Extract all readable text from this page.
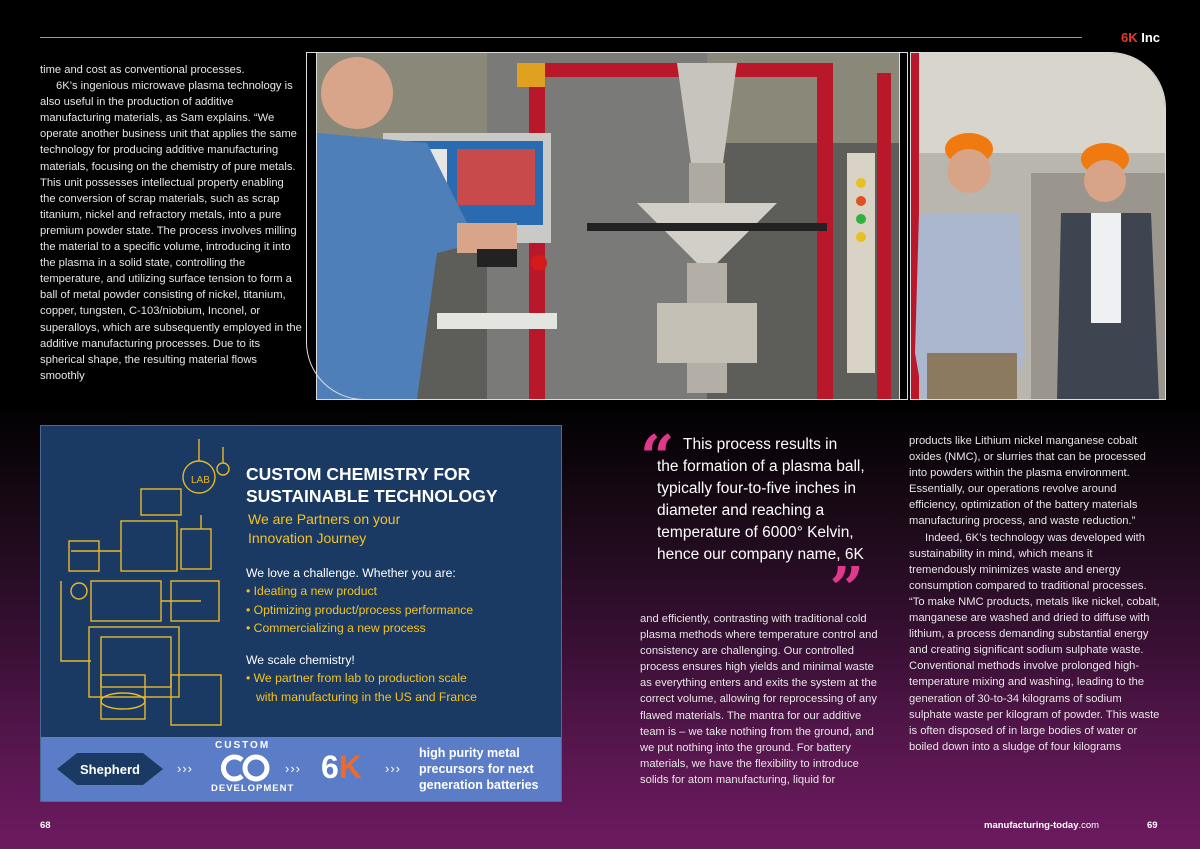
6K Inc

time and cost as conventional processes.

6K’s ingenious microwave plasma technology is also useful in the production of additive manufacturing materials, as Sam explains. “We operate another business unit that applies the same technology for producing additive manufacturing materials, focusing on the chemistry of pure metals. This unit possesses intellectual property enabling the conversion of scrap materials, such as scrap titanium, nickel and refractory metals, into a pure premium powder state. The process involves milling the material to a specific volume, introducing it into the plasma in a solid state, controlling the temperature, and utilizing surface tension to form a ball of metal powder consisting of nickel, titanium, copper, tungsten, C-103/niobium, Inconel, or superalloys, which are subsequently employed in the additive manufacturing processes. Due to its spherical shape, the resulting material flows smoothly

“ This process results in
the formation of a plasma ball, typically four-to-five inches in diameter and reaching a temperature of 6000° Kelvin, hence our company name, 6K
”

and efficiently, contrasting with traditional cold plasma methods where temperature control and consistency are challenging. Our controlled process ensures high yields and minimal waste as everything enters and exits the system at the correct volume, allowing for reprocessing of any flawed materials. The mantra for our additive team is – we take nothing from the ground, and we put nothing into the ground. For battery materials, we have the flexibility to introduce solids for atom manufacturing, liquid for

products like Lithium nickel manganese cobalt oxides (NMC), or slurries that can be processed into powders within the plasma environment. Essentially, our operations revolve around efficiency, optimization of the battery materials manufacturing process, and waste reduction.”

Indeed, 6K’s technology was developed with sustainability in mind, which means it tremendously minimizes waste and energy consumption compared to traditional processes. “To make NMC products, metals like nickel, cobalt, manganese are washed and dried to diffuse with lithium, a process demanding substantial energy and creating significant sodium sulphate waste. Conventional methods involve prolonged high-temperature mixing and washing, leading to the generation of 30-to-34 kilograms of sodium sulphate waste per kilogram of powder. This waste is often disposed of in large bodies of water or boiled down into a sludge of four kilograms

LAB CUSTOM CHEMISTRY FOR
SUSTAINABLE TECHNOLOGY
We are Partners on your
Innovation Journey
We love a challenge. Whether you are:
• Ideating a new product
• Optimizing product/process performance
• Commercializing a new process
We scale chemistry!
• We partner from lab to production scale
with manufacturing in the US and France
Shepherd	›››
CUSTOM
CO
DEVELOPMENT
››› 6K ›››
high purity metal
precursors for next
generation batteries
68	manufacturing-today.com	69
